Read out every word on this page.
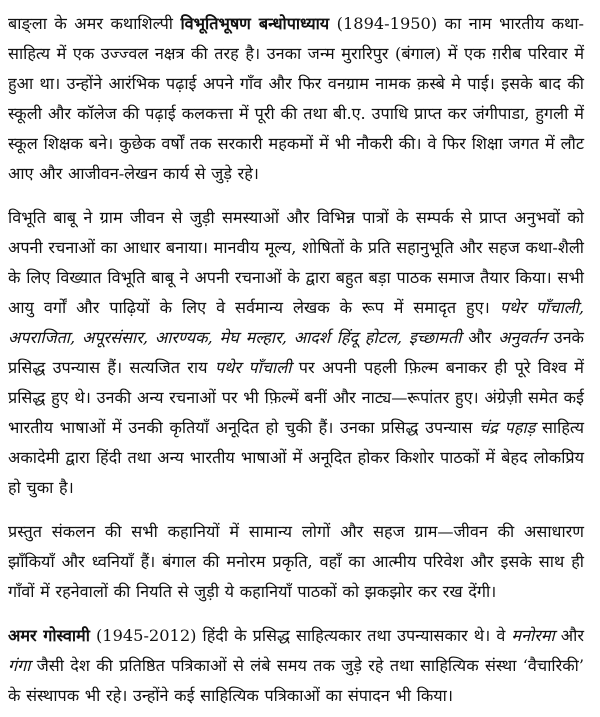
बाङ्ला के अमर कथाशिल्पी विभूतिभूषण बन्धोपाध्याय (1894-1950) का नाम भारतीय कथा-साहित्य में एक उज्ज्वल नक्षत्र की तरह है। उनका जन्म मुरारिपुर (बंगाल) में एक ग़रीब परिवार में हुआ था। उन्होंने आरंभिक पढ़ाई अपने गाँव और फिर वनग्राम नामक क़स्बे मे पाई। इसके बाद की स्कूली और कॉलेज की पढ़ाई कलकत्ता में पूरी की तथा बी.ए. उपाधि प्राप्त कर जंगीपाडा, हुगली में स्कूल शिक्षक बने। कुछेक वर्षों तक सरकारी महकमों में भी नौकरी की। वे फिर शिक्षा जगत में लौट आए और आजीवन-लेखन कार्य से जुड़े रहे।

विभूति बाबू ने ग्राम जीवन से जुड़ी समस्याओं और विभिन्न पात्रों के सम्पर्क से प्राप्त अनुभवों को अपनी रचनाओं का आधार बनाया। मानवीय मूल्य, शोषितों के प्रति सहानुभूति और सहज कथा-शैली के लिए विख्यात विभूति बाबू ने अपनी रचनाओं के द्वारा बहुत बड़ा पाठक समाज तैयार किया। सभी आयु वर्गों और पाढ़ियों के लिए वे सर्वमान्य लेखक के रूप में समादृत हुए। पथेर पाँचाली, अपराजिता, अपूरसंसार, आरण्यक, मेघ मल्हार, आदर्श हिंदू होटल, इच्छामती और अनुवर्तन उनके प्रसिद्ध उपन्यास हैं। सत्यजित राय पथेर पाँचाली पर अपनी पहली फ़िल्म बनाकर ही पूरे विश्व में प्रसिद्ध हुए थे। उनकी अन्य रचनाओं पर भी फ़िल्में बनीं और नाट्य—रूपांतर हुए। अंग्रेज़ी समेत कई भारतीय भाषाओं में उनकी कृतियाँ अनूदित हो चुकी हैं। उनका प्रसिद्ध उपन्यास चंद्र पहाड़ साहित्य अकादेमी द्वारा हिंदी तथा अन्य भारतीय भाषाओं में अनूदित होकर किशोर पाठकों में बेहद लोकप्रिय हो चुका है।

प्रस्तुत संकलन की सभी कहानियों में सामान्य लोगों और सहज ग्राम—जीवन की असाधारण झाँकियाँ और ध्वनियाँ हैं। बंगाल की मनोरम प्रकृति, वहाँ का आत्मीय परिवेश और इसके साथ ही गाँवों में रहनेवालों की नियति से जुड़ी ये कहानियाँ पाठकों को झकझोर कर रख देंगी।

अमर गोस्वामी (1945-2012) हिंदी के प्रसिद्ध साहित्यकार तथा उपन्यासकार थे। वे मनोरमा और गंगा जैसी देश की प्रतिष्ठित पत्रिकाओं से लंबे समय तक जुड़े रहे तथा साहित्यिक संस्था ‘वैचारिकी’ के संस्थापक भी रहे। उन्होंने कई साहित्यिक पत्रिकाओं का संपादन भी किया।
